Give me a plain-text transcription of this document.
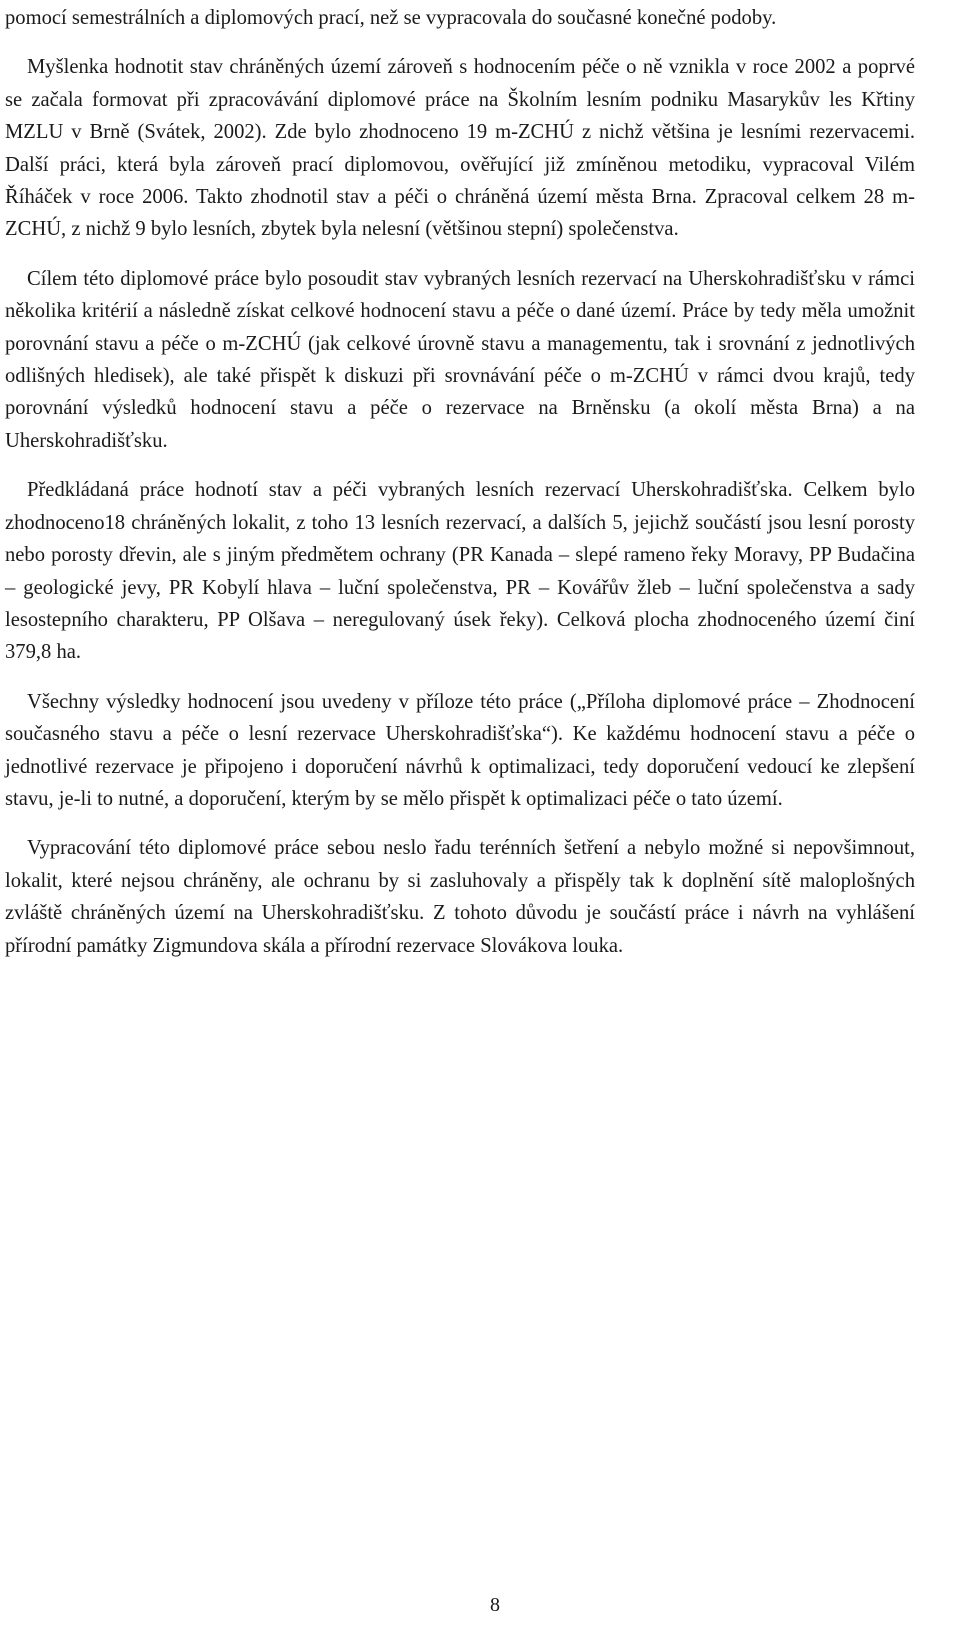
pomocí semestrálních a diplomových prací, než se vypracovala do současné konečné podoby.

Myšlenka hodnotit stav chráněných území zároveň s hodnocením péče o ně vznikla v roce 2002 a poprvé se začala formovat při zpracovávání diplomové práce na Školním lesním podniku Masarykův les Křtiny MZLU v Brně (Svátek, 2002). Zde bylo zhodnoceno 19 m-ZCHÚ z nichž většina je lesními rezervacemi. Další práci, která byla zároveň prací diplomovou, ověřující již zmíněnou metodiku, vypracoval Vilém Říháček v roce 2006. Takto zhodnotil stav a péči o chráněná území města Brna. Zpracoval celkem 28 m-ZCHÚ, z nichž 9 bylo lesních, zbytek byla nelesní (většinou stepní) společenstva.

Cílem této diplomové práce bylo posoudit stav vybraných lesních rezervací na Uherskohradišťsku v rámci několika kritérií a následně získat celkové hodnocení stavu a péče o dané území. Práce by tedy měla umožnit porovnání stavu a péče o m-ZCHÚ (jak celkové úrovně stavu a managementu, tak i srovnání z jednotlivých odlišných hledisek), ale také přispět k diskuzi při srovnávání péče o m-ZCHÚ v rámci dvou krajů, tedy porovnání výsledků hodnocení stavu a péče o rezervace na Brněnsku (a okolí města Brna) a na Uherskohradišťsku.

Předkládaná práce hodnotí stav a péči vybraných lesních rezervací Uherskohradišťska. Celkem bylo zhodnoceno18 chráněných lokalit, z toho 13 lesních rezervací, a dalších 5, jejichž součástí jsou lesní porosty nebo porosty dřevin, ale s jiným předmětem ochrany (PR Kanada – slepé rameno řeky Moravy, PP Budačina – geologické jevy, PR Kobylí hlava – luční společenstva, PR – Kovářův žleb – luční společenstva a sady lesostepního charakteru, PP Olšava – neregulovaný úsek řeky). Celková plocha zhodnoceného území činí 379,8 ha.

Všechny výsledky hodnocení jsou uvedeny v příloze této práce („Příloha diplomové práce – Zhodnocení současného stavu a péče o lesní rezervace Uherskohradišťska“). Ke každému hodnocení stavu a péče o jednotlivé rezervace je připojeno i doporučení návrhů k optimalizaci, tedy doporučení vedoucí ke zlepšení stavu, je-li to nutné, a doporučení, kterým by se mělo přispět k optimalizaci péče o tato území.

Vypracování této diplomové práce sebou neslo řadu terénních šetření a nebylo možné si nepovšimnout, lokalit, které nejsou chráněny, ale ochranu by si zasluhovaly a přispěly tak k doplnění sítě maloplošných zvláště chráněných území na Uherskohradišťsku. Z tohoto důvodu je součástí práce i návrh na vyhlášení přírodní památky Zigmundova skála a přírodní rezervace Slovákova louka.

8
